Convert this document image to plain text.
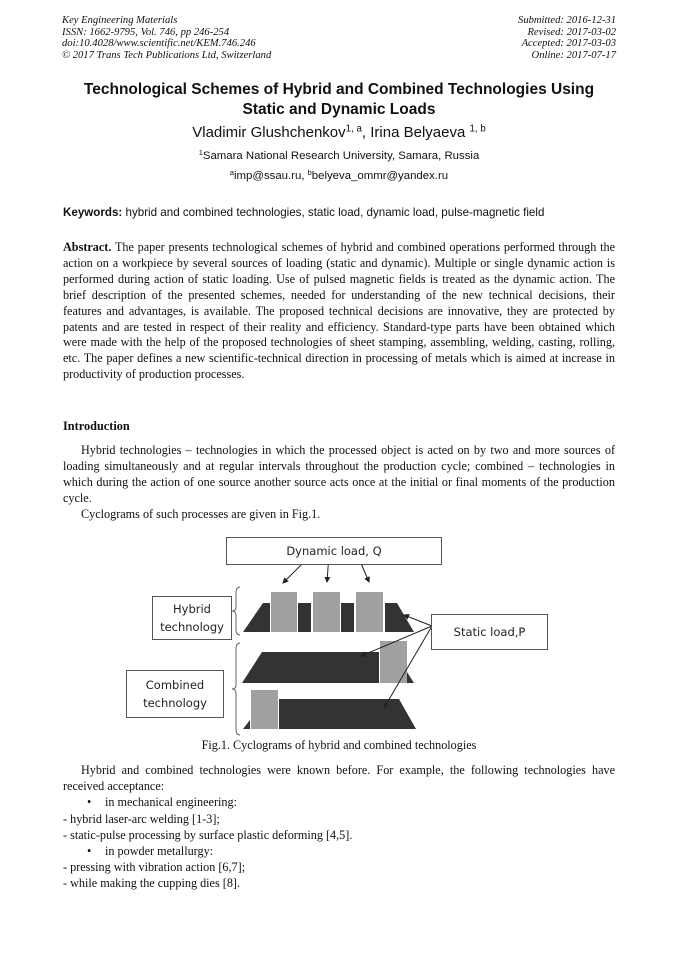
Key Engineering Materials
ISSN: 1662-9795, Vol. 746, pp 246-254
doi:10.4028/www.scientific.net/KEM.746.246
© 2017 Trans Tech Publications Ltd, Switzerland
Submitted: 2016-12-31
Revised: 2017-03-02
Accepted: 2017-03-03
Online: 2017-07-17
Technological Schemes of Hybrid and Combined Technologies Using
Static and Dynamic Loads
Vladimir Glushchenkov$^{1, a}$, Irina Belyaeva $^{1, b}$
$^1$Samara National Research University, Samara, Russia
$^a$imp@ssau.ru, $^b$belyeva_ommr@yandex.ru
Keywords: hybrid and combined technologies, static load, dynamic load, pulse-magnetic field
Abstract. The paper presents technological schemes of hybrid and combined operations performed through the action on a workpiece by several sources of loading (static and dynamic). Multiple or single dynamic action is performed during action of static loading. Use of pulsed magnetic fields is treated as the dynamic action. The brief description of the presented schemes, needed for understanding of the new technical decisions, their features and advantages, is available. The proposed technical decisions are innovative, they are protected by patents and are tested in respect of their reality and efficiency. Standard-type parts have been obtained which were made with the help of the proposed technologies of sheet stamping, assembling, welding, casting, rolling, etc. The paper defines a new scientific-technical direction in processing of metals which is aimed at increase in productivity of production processes.
Introduction

Hybrid technologies – technologies in which the processed object is acted on by two and more sources of loading simultaneously and at regular intervals throughout the production cycle; combined – technologies in which during the action of one source another source acts once at the initial or final moments of the production cycle.

Cyclograms of such processes are given in Fig.1.

Dynamic load, Q
Hybrid
technology	Static load,P
Combined
technology
Fig.1. Cyclograms of hybrid and combined technologies

Hybrid and combined technologies were known before. For example, the following technologies have received acceptance:

• in mechanical engineering:
- hybrid laser-arc welding [1-3];
- static-pulse processing by surface plastic deforming [4,5].
• in powder metallurgy:
- pressing with vibration action [6,7];
- while making the cupping dies [8].
